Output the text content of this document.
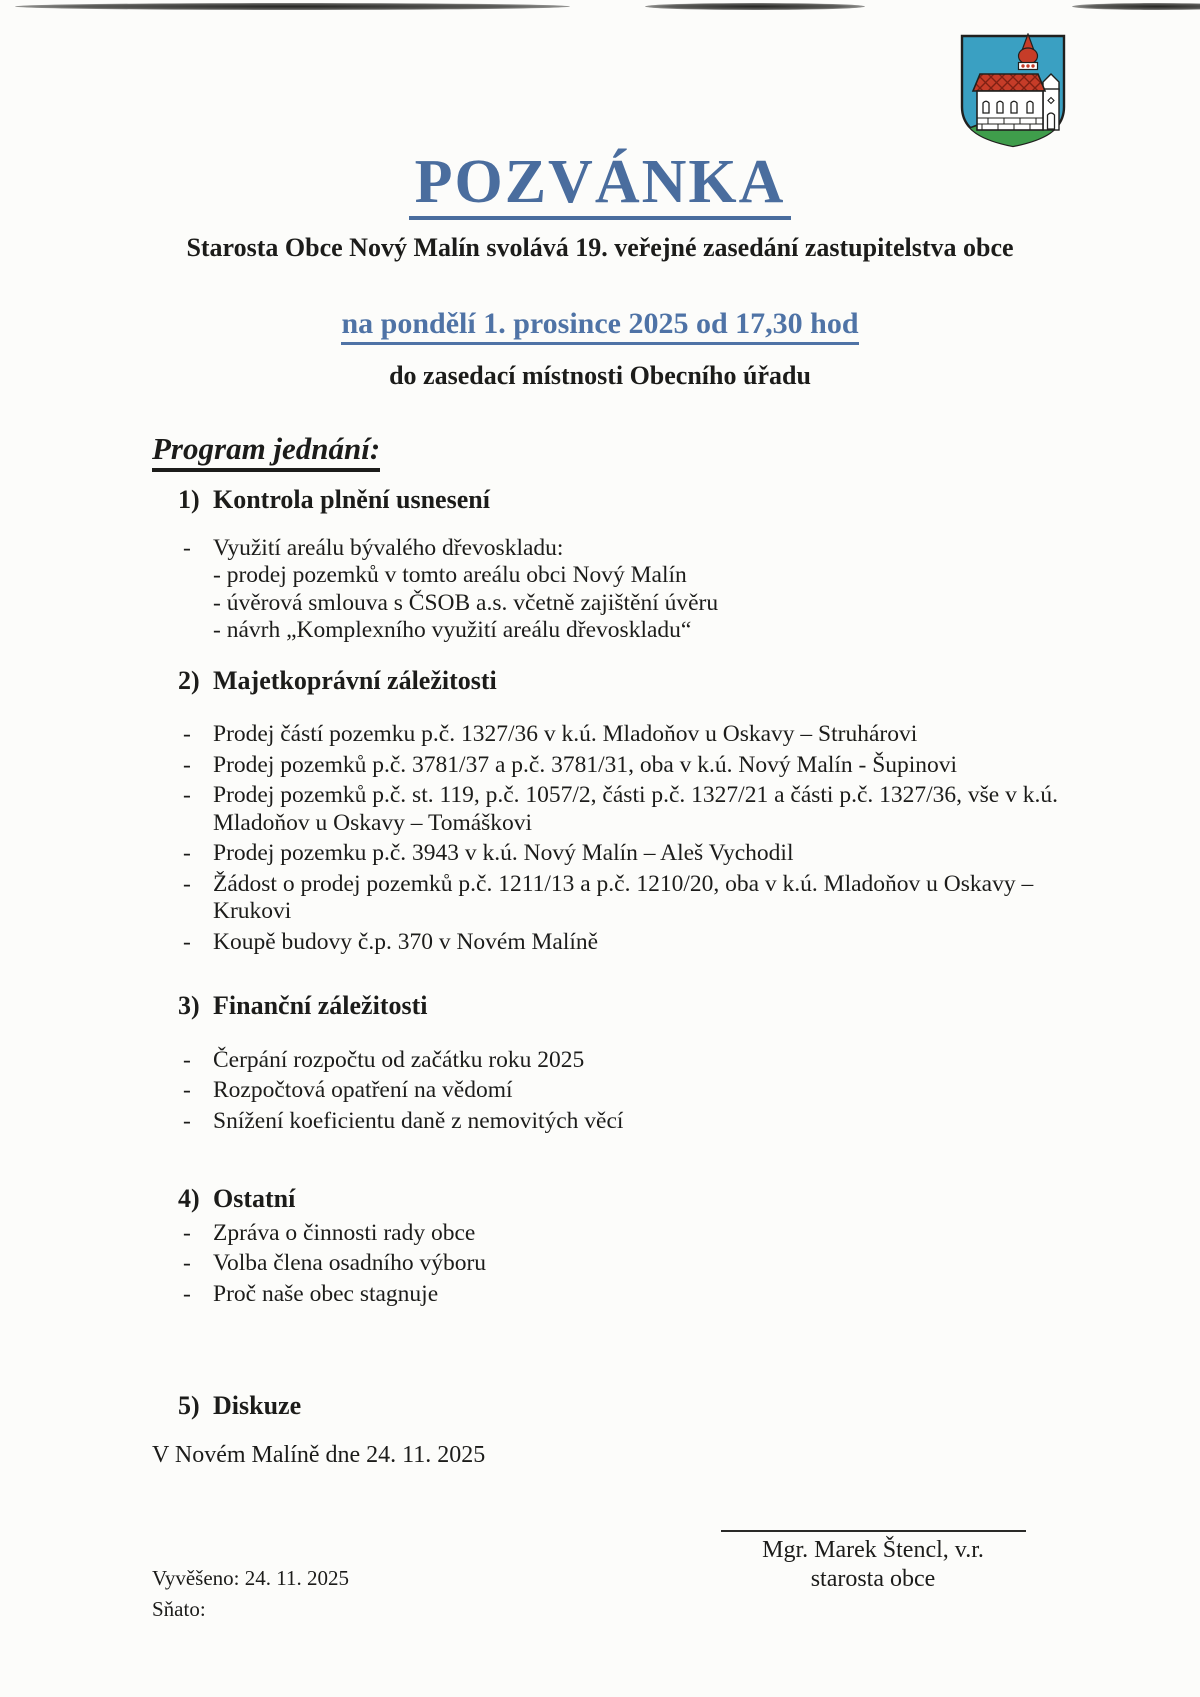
POZVÁNKA

Starosta Obce Nový Malín svolává 19. veřejné zasedání zastupitelstva obce

na pondělí 1. prosince 2025 od 17,30 hod

do zasedací místnosti Obecního úřadu

Program jednání:
1) Kontrola plnění usnesení
- Využití areálu bývalého dřevoskladu:
- prodej pozemků v tomto areálu obci Nový Malín
- úvěrová smlouva s ČSOB a.s. včetně zajištění úvěru
- návrh „Komplexního využití areálu dřevoskladu“
2) Majetkoprávní záležitosti
- Prodej částí pozemku p.č. 1327/36 v k.ú. Mladoňov u Oskavy – Struhárovi
- Prodej pozemků p.č. 3781/37 a p.č. 3781/31, oba v k.ú. Nový Malín - Šupinovi
- Prodej pozemků p.č. st. 119, p.č. 1057/2, části p.č. 1327/21 a části p.č. 1327/36, vše v k.ú. Mladoňov u Oskavy – Tomáškovi
- Prodej pozemku p.č. 3943 v k.ú. Nový Malín – Aleš Vychodil
- Žádost o prodej pozemků p.č. 1211/13 a p.č. 1210/20, oba v k.ú. Mladoňov u Oskavy – Krukovi
- Koupě budovy č.p. 370 v Novém Malíně
3) Finanční záležitosti
- Čerpání rozpočtu od začátku roku 2025
- Rozpočtová opatření na vědomí
- Snížení koeficientu daně z nemovitých věcí
4) Ostatní
- Zpráva o činnosti rady obce
- Volba člena osadního výboru
- Proč naše obec stagnuje
5) Diskuze

V Novém Malíně dne 24. 11. 2025

Vyvěšeno: 24. 11. 2025

Sňato:

Mgr. Marek Štencl, v.r.

starosta obce
